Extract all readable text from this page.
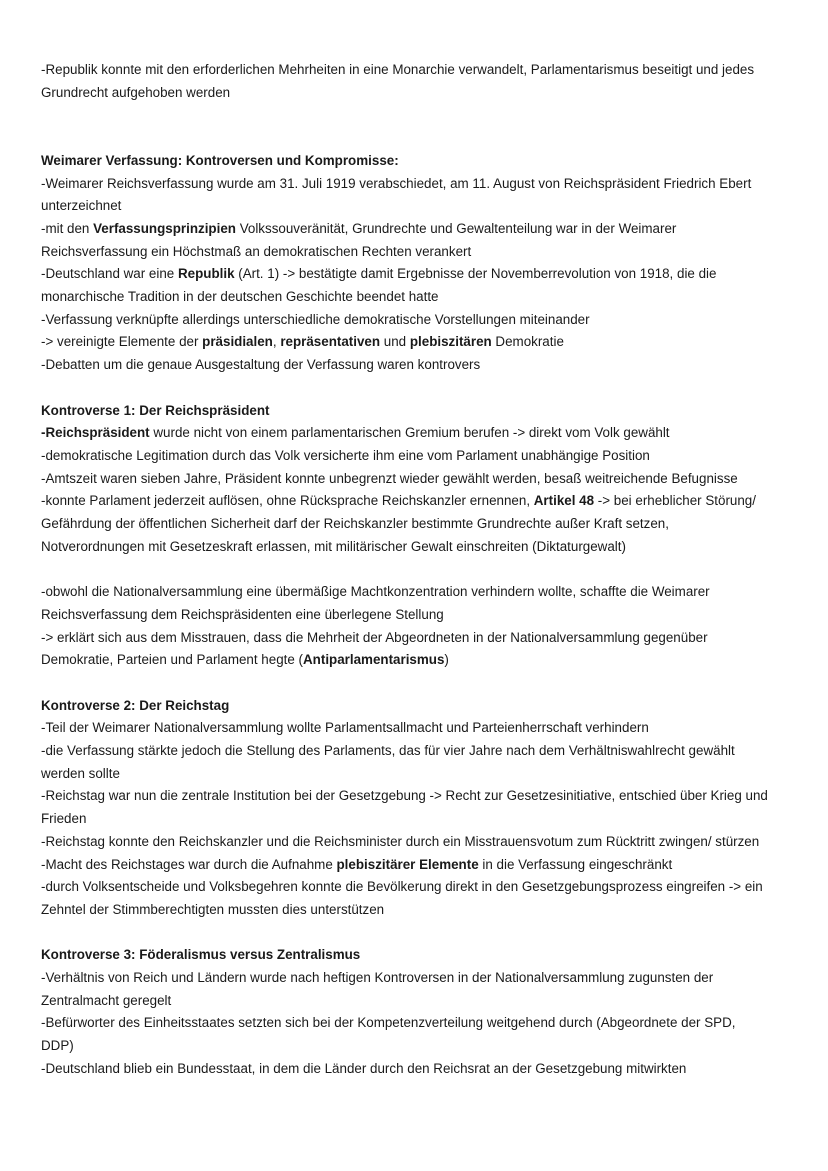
-Republik konnte mit den erforderlichen Mehrheiten in eine Monarchie verwandelt, Parlamentarismus beseitigt und jedes

Grundrecht aufgehoben werden

Weimarer Verfassung: Kontroversen und Kompromisse:

-Weimarer Reichsverfassung wurde am 31. Juli 1919 verabschiedet, am 11. August von Reichspräsident Friedrich Ebert

unterzeichnet

-mit den Verfassungsprinzipien Volkssouveränität, Grundrechte und Gewaltenteilung war in der Weimarer

Reichsverfassung ein Höchstmaß an demokratischen Rechten verankert

-Deutschland war eine Republik (Art. 1) -> bestätigte damit Ergebnisse der Novemberrevolution von 1918, die die

monarchische Tradition in der deutschen Geschichte beendet hatte

-Verfassung verknüpfte allerdings unterschiedliche demokratische Vorstellungen miteinander

-> vereinigte Elemente der präsidialen, repräsentativen und plebiszitären Demokratie

-Debatten um die genaue Ausgestaltung der Verfassung waren kontrovers

Kontroverse 1: Der Reichspräsident

-Reichspräsident wurde nicht von einem parlamentarischen Gremium berufen -> direkt vom Volk gewählt

-demokratische Legitimation durch das Volk versicherte ihm eine vom Parlament unabhängige Position

-Amtszeit waren sieben Jahre, Präsident konnte unbegrenzt wieder gewählt werden, besaß weitreichende Befugnisse

-konnte Parlament jederzeit auflösen, ohne Rücksprache Reichskanzler ernennen, Artikel 48 -> bei erheblicher Störung/

Gefährdung der öffentlichen Sicherheit darf der Reichskanzler bestimmte Grundrechte außer Kraft setzen,

Notverordnungen mit Gesetzeskraft erlassen, mit militärischer Gewalt einschreiten (Diktaturgewalt)

-obwohl die Nationalversammlung eine übermäßige Machtkonzentration verhindern wollte, schaffte die Weimarer

Reichsverfassung dem Reichspräsidenten eine überlegene Stellung

-> erklärt sich aus dem Misstrauen, dass die Mehrheit der Abgeordneten in der Nationalversammlung gegenüber

Demokratie, Parteien und Parlament hegte (Antiparlamentarismus)

Kontroverse 2: Der Reichstag

-Teil der Weimarer Nationalversammlung wollte Parlamentsallmacht und Parteienherrschaft verhindern

-die Verfassung stärkte jedoch die Stellung des Parlaments, das für vier Jahre nach dem Verhältniswahlrecht gewählt

werden sollte

-Reichstag war nun die zentrale Institution bei der Gesetzgebung -> Recht zur Gesetzesinitiative, entschied über Krieg und

Frieden

-Reichstag konnte den Reichskanzler und die Reichsminister durch ein Misstrauensvotum zum Rücktritt zwingen/ stürzen

-Macht des Reichstages war durch die Aufnahme plebiszitärer Elemente in die Verfassung eingeschränkt

-durch Volksentscheide und Volksbegehren konnte die Bevölkerung direkt in den Gesetzgebungsprozess eingreifen -> ein

Zehntel der Stimmberechtigten mussten dies unterstützen

Kontroverse 3: Föderalismus versus Zentralismus

-Verhältnis von Reich und Ländern wurde nach heftigen Kontroversen in der Nationalversammlung zugunsten der

Zentralmacht geregelt

-Befürworter des Einheitsstaates setzten sich bei der Kompetenzverteilung weitgehend durch (Abgeordnete der SPD,

DDP)

-Deutschland blieb ein Bundesstaat, in dem die Länder durch den Reichsrat an der Gesetzgebung mitwirkten
